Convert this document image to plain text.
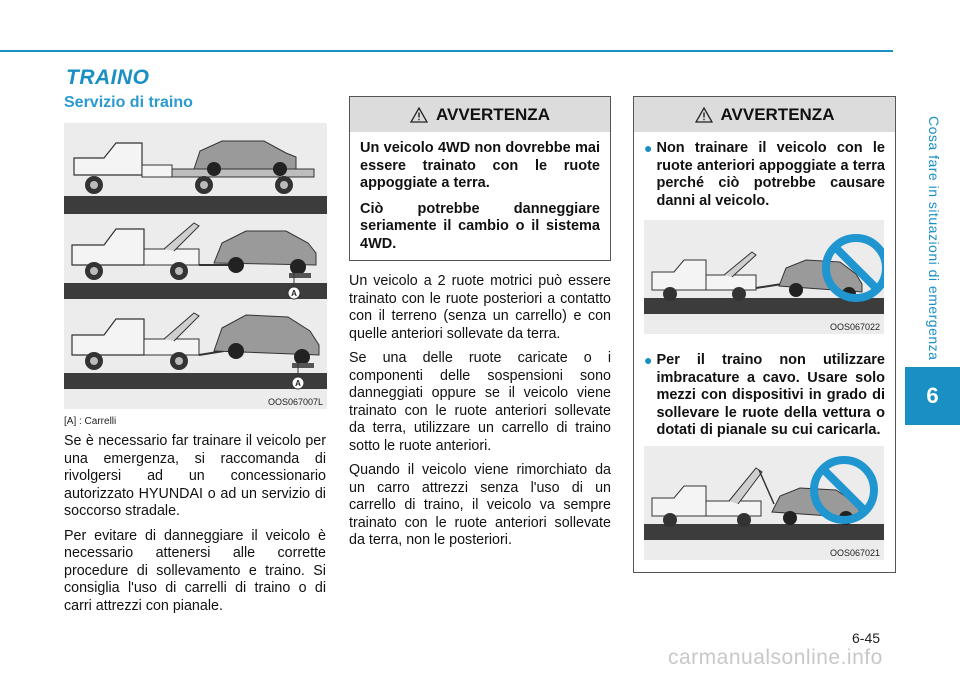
TRAINO
Servizio di traino
Cosa fare in situazioni di emergenza
6
A
A
OOS067007L
[A] : Carrelli

Se è necessario far trainare il veicolo per una emergenza, si raccomanda di rivolgersi ad un concessionario autorizzato HYUNDAI o ad un servizio di soccorso stradale.

Per evitare di danneggiare il veicolo è necessario attenersi alle corrette procedure di sollevamento e traino. Si consiglia l'uso di carrelli di traino o di carri attrezzi con pianale.

AVVERTENZA

Un veicolo 4WD non dovrebbe mai essere trainato con le ruote appoggiate a terra.

Ciò potrebbe danneggiare seriamente il cambio o il sistema 4WD.

Un veicolo a 2 ruote motrici può essere trainato con le ruote posteriori a contatto con il terreno (senza un carrello) e con quelle anteriori sollevate da terra.

Se una delle ruote caricate o i componenti delle sospensioni sono danneggiati oppure se il veicolo viene trainato con le ruote anteriori sollevate da terra, utilizzare un carrello di traino sotto le ruote anteriori.

Quando il veicolo viene rimorchiato da un carro attrezzi senza l'uso di un carrello di traino, il veicolo va sempre trainato con le ruote anteriori sollevate da terra, non le posteriori.

AVVERTENZA
● Non trainare il veicolo con le ruote anteriori appoggiate a terra perché ciò potrebbe causare danni al veicolo.
OOS067022
● Per il traino non utilizzare imbracature a cavo. Usare solo mezzi con dispositivi in grado di sollevare le ruote della vettura o dotati di pianale su cui caricarla.
OOS067021
6-45
carmanualsonline.info
